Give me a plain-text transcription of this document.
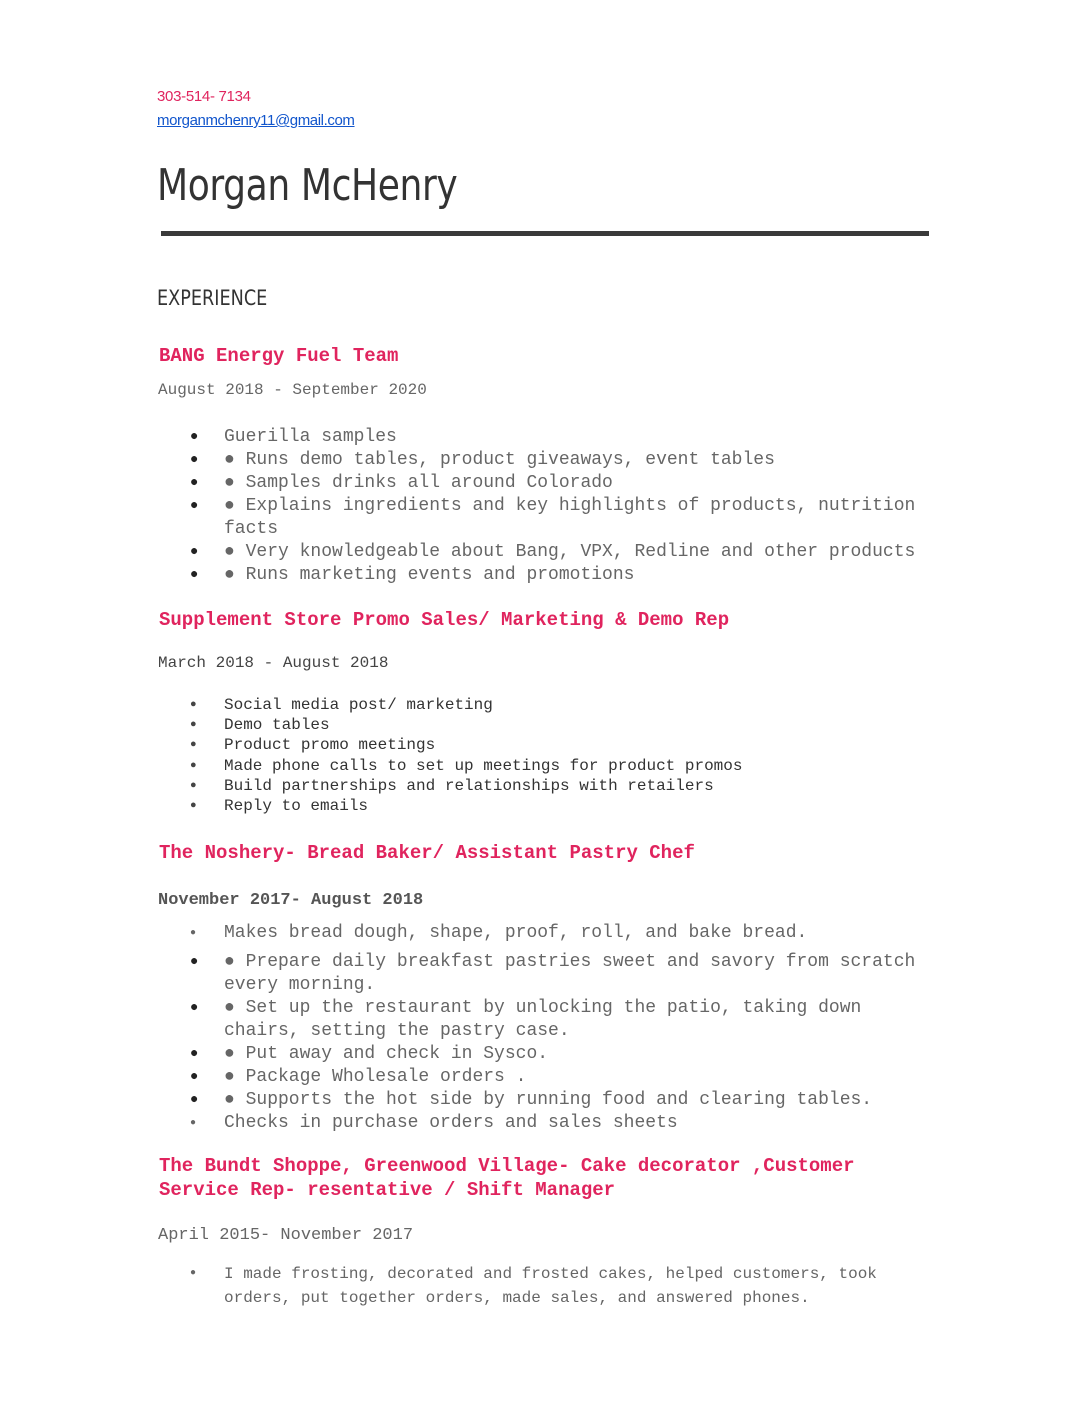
303-514- 7134
morganmchenry11@gmail.com
Morgan McHenry
EXPERIENCE
BANG Energy Fuel Team
August 2018 - September 2020
● Guerilla samples
● ● Runs demo tables, product giveaways, event tables
● ● Samples drinks all around Colorado
● ● Explains ingredients and key highlights of products, nutrition facts
● ● Very knowledgeable about Bang, VPX, Redline and other products
● ● Runs marketing events and promotions
Supplement Store Promo Sales/ Marketing & Demo Rep
March 2018 - August 2018
● Social media post/ marketing
● Demo tables
● Product promo meetings
● Made phone calls to set up meetings for product promos
● Build partnerships and relationships with retailers
● Reply to emails
The Noshery- Bread Baker/ Assistant Pastry Chef
November 2017- August 2018
● Makes bread dough, shape, proof, roll, and bake bread.
● ● Prepare daily breakfast pastries sweet and savory from scratch every morning.
● ● Set up the restaurant by unlocking the patio, taking down chairs, setting the pastry case.
● ● Put away and check in Sysco.
● ● Package Wholesale orders .
● ● Supports the hot side by running food and clearing tables.
● Checks in purchase orders and sales sheets
The Bundt Shoppe, Greenwood Village- Cake decorator ,Customer Service Rep- resentative / Shift Manager
April 2015- November 2017
● I made frosting, decorated and frosted cakes, helped customers, took orders, put together orders, made sales, and answered phones.
